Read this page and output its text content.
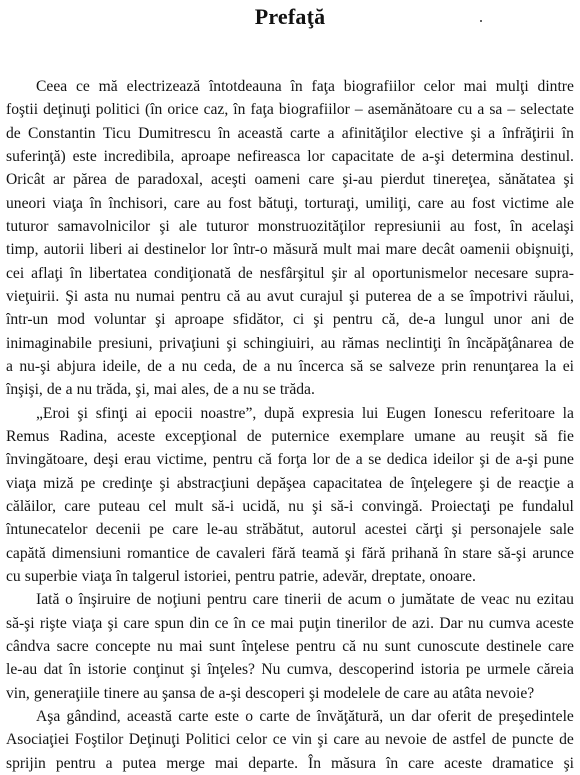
Prefaţă
Ceea ce mă electrizează întotdeauna în faţa biografiilor celor mai mulţi dintre
foştii deţinuţi politici (în orice caz, în faţa biografiilor – asemănătoare cu a sa – selectate
de Constantin Ticu Dumitrescu în această carte a afinităţilor elective şi a înfrăţirii în
suferinţă) este incredibila, aproape nefireasca lor capacitate de a-şi determina destinul.
Oricât ar părea de paradoxal, aceşti oameni care şi-au pierdut tinereţea, sănătatea şi
uneori viaţa în închisori, care au fost bătuţi, torturaţi, umiliţi, care au fost victime ale
tuturor samavolnicilor şi ale tuturor monstruozităţilor represiunii au fost, în acelaşi
timp, autorii liberi ai destinelor lor într-o măsură mult mai mare decât oamenii obişnuiţi,
cei aflaţi în libertatea condiţionată de nesfârşitul şir al oportunismelor necesare supra-
vieţuirii. Şi asta nu numai pentru că au avut curajul şi puterea de a se împotrivi răului,
într-un mod voluntar şi aproape sfidător, ci şi pentru că, de-a lungul unor ani de
inimaginabile presiuni, privaţiuni şi schingiuiri, au rămas neclintiţi în încăpăţânarea de
a nu-şi abjura ideile, de a nu ceda, de a nu încerca să se salveze prin renunţarea la ei
înşişi, de a nu trăda, şi, mai ales, de a nu se trăda.
„Eroi şi sfinţi ai epocii noastre”, după expresia lui Eugen Ionescu referitoare la
Remus Radina, aceste excepţional de puternice exemplare umane au reuşit să fie
învingătoare, deşi erau victime, pentru că forţa lor de a se dedica ideilor şi de a-şi pune
viaţa miză pe credinţe şi abstracţiuni depăşea capacitatea de înţelegere şi de reacţie a
călăilor, care puteau cel mult să-i ucidă, nu şi să-i convingă. Proiectaţi pe fundalul
întunecatelor decenii pe care le-au străbătut, autorul acestei cărţi şi personajele sale
capătă dimensiuni romantice de cavaleri fără teamă şi fără prihană în stare să-şi arunce
cu superbie viaţa în talgerul istoriei, pentru patrie, adevăr, dreptate, onoare.
Iată o înşiruire de noţiuni pentru care tinerii de acum o jumătate de veac nu ezitau
să-şi rişte viaţa şi care spun din ce în ce mai puţin tinerilor de azi. Dar nu cumva aceste
cândva sacre concepte nu mai sunt înţelese pentru că nu sunt cunoscute destinele care
le-au dat în istorie conţinut şi înţeles? Nu cumva, descoperind istoria pe urmele căreia
vin, generaţiile tinere au şansa de a-şi descoperi şi modelele de care au atâta nevoie?
Aşa gândind, această carte este o carte de învăţătură, un dar oferit de preşedintele
Asociaţiei Foştilor Deţinuţi Politici celor ce vin şi care au nevoie de astfel de puncte de
sprijin pentru a putea merge mai departe. În măsura în care aceste dramatice şi
